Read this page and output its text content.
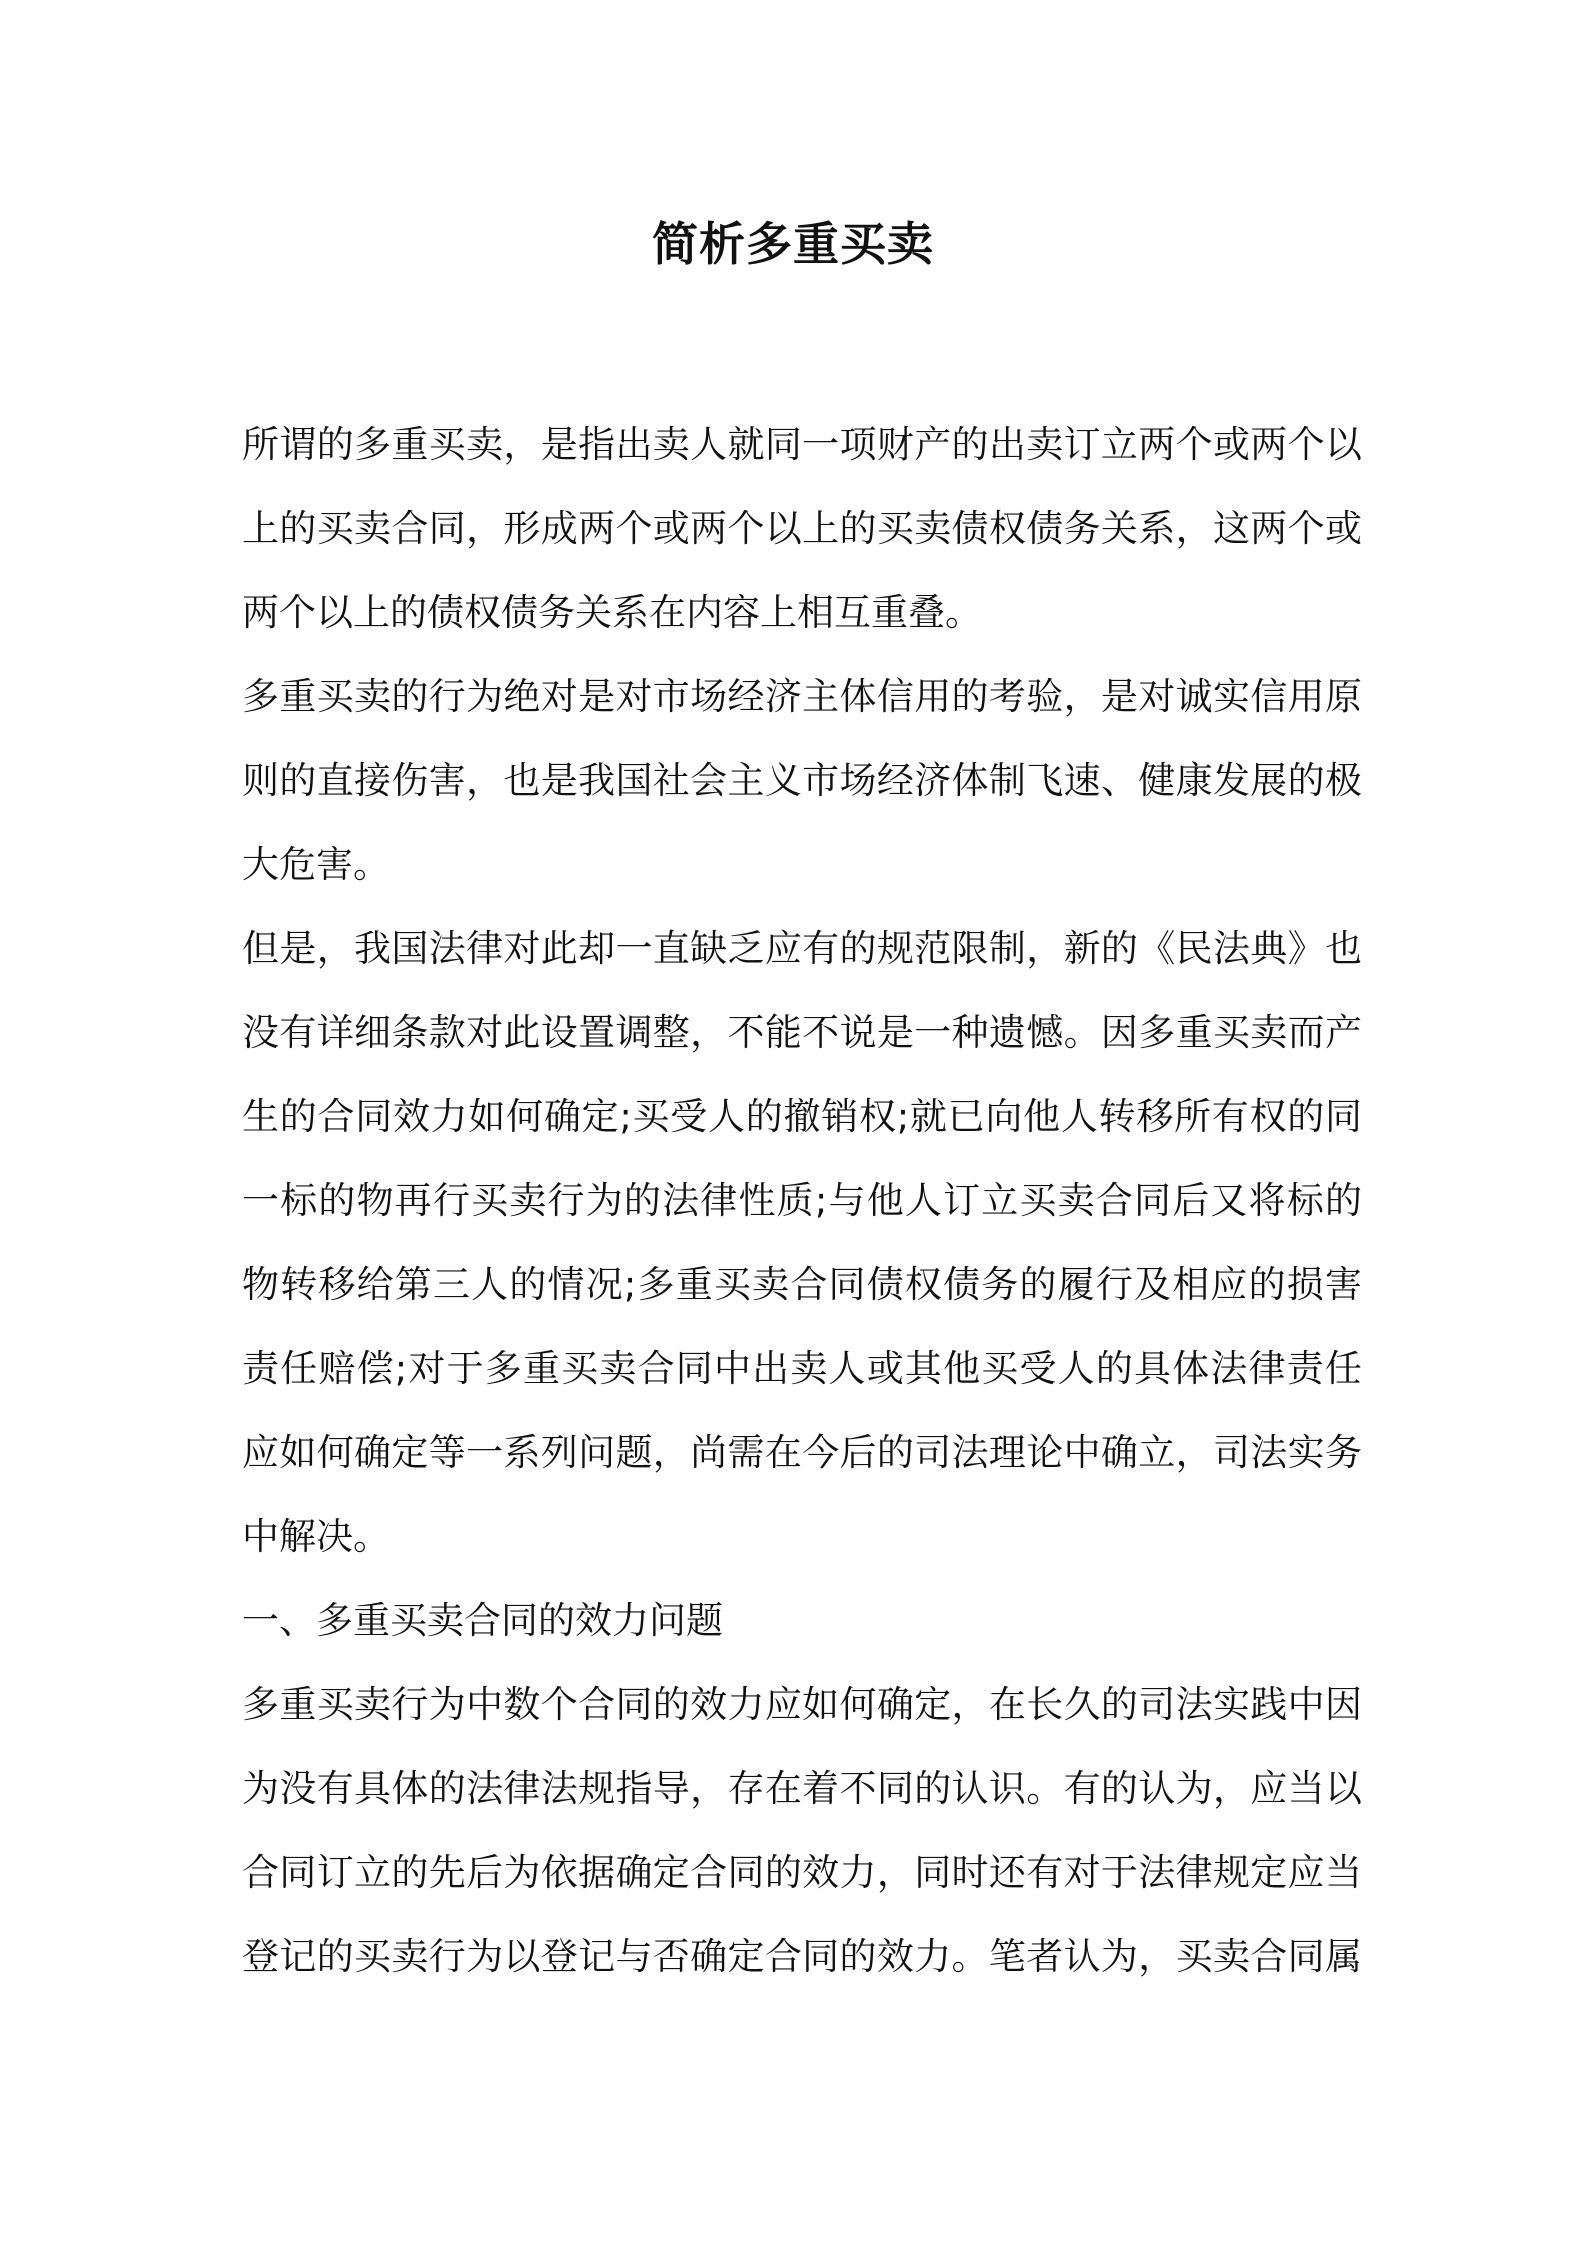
简析多重买卖
所谓的多重买卖，是指出卖人就同一项财产的出卖订立两个或两个以
上的买卖合同，形成两个或两个以上的买卖债权债务关系，这两个或
两个以上的债权债务关系在内容上相互重叠。
多重买卖的行为绝对是对市场经济主体信用的考验，是对诚实信用原
则的直接伤害，也是我国社会主义市场经济体制飞速、健康发展的极
大危害。
但是，我国法律对此却一直缺乏应有的规范限制，新的《民法典》也
没有详细条款对此设置调整，不能不说是一种遗憾。因多重买卖而产
生的合同效力如何确定;买受人的撤销权;就已向他人转移所有权的同
一标的物再行买卖行为的法律性质;与他人订立买卖合同后又将标的
物转移给第三人的情况;多重买卖合同债权债务的履行及相应的损害
责任赔偿;对于多重买卖合同中出卖人或其他买受人的具体法律责任
应如何确定等一系列问题，尚需在今后的司法理论中确立，司法实务
中解决。
一、多重买卖合同的效力问题
多重买卖行为中数个合同的效力应如何确定，在长久的司法实践中因
为没有具体的法律法规指导，存在着不同的认识。有的认为，应当以
合同订立的先后为依据确定合同的效力，同时还有对于法律规定应当
登记的买卖行为以登记与否确定合同的效力。笔者认为，买卖合同属
